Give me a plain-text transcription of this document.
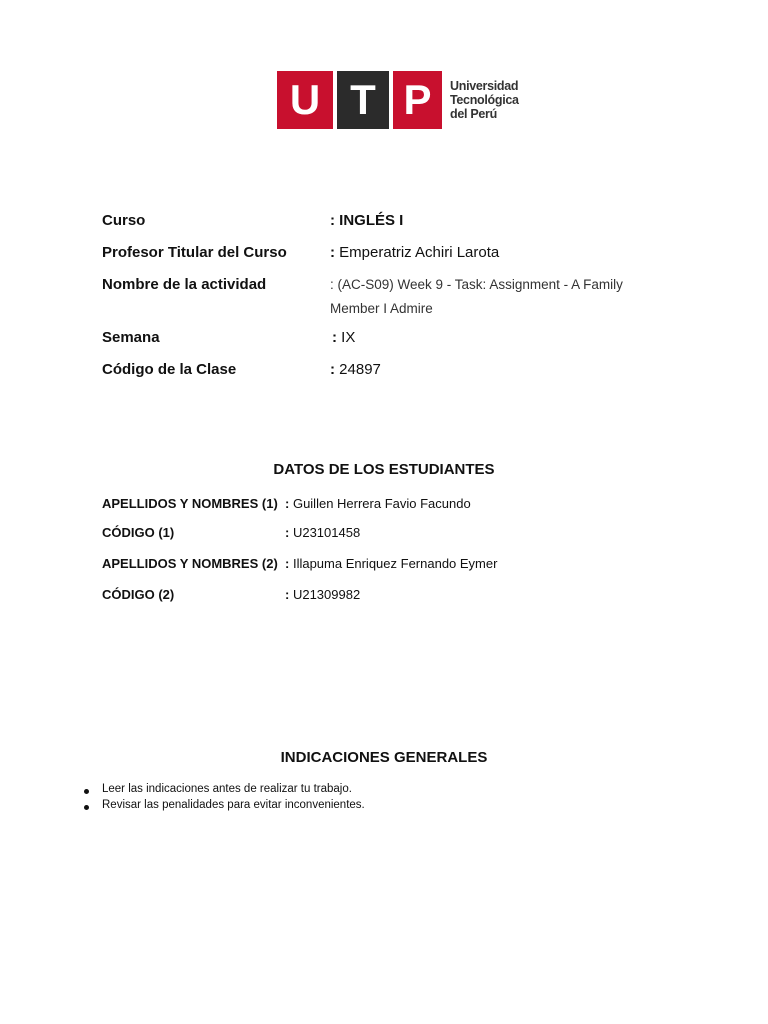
U T P	Universidad
Tecnológica
del Perú
Curso	: INGLÉS I
Profesor Titular del Curso	: Emperatriz Achiri Larota
Nombre de la actividad	: (AC-S09) Week 9 - Task: Assignment - A Family Member I Admire
Semana	: IX
Código de la Clase	: 24897
DATOS DE LOS ESTUDIANTES
APELLIDOS Y NOMBRES (1) : Guillen Herrera Favio Facundo
CÓDIGO (1)	: U23101458
APELLIDOS Y NOMBRES (2) : Illapuma Enriquez Fernando Eymer
CÓDIGO (2)	: U21309982
INDICACIONES GENERALES
Leer las indicaciones antes de realizar tu trabajo.
Revisar las penalidades para evitar inconvenientes.
